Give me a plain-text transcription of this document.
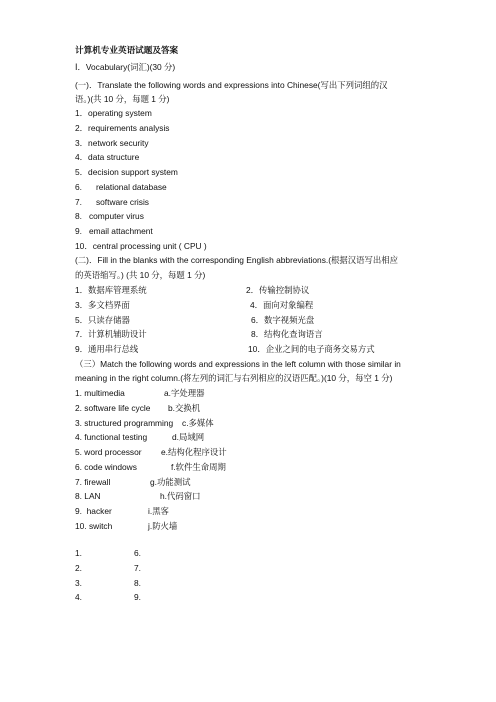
计算机专业英语试题及答案
Ⅰ．Vocabulary(词汇)(30 分)
(一)．Translate the following words and expressions into Chinese(写出下列词组的汉
语。)(共 10 分，每题 1 分)
1．operating system
2．requirements analysis
3．network security
4．data structure
5．decision support system
6.      relational database
7.      software crisis
8.   computer virus
9.   email attachment
10．central processing unit ( CPU )
(二)．Fill in the blanks with the corresponding English abbreviations.(根据汉语写出相应
的英语缩写。) (共 10 分，每题 1 分)
1．数据库管理系统	2．传输控制协议
3．多文档界面	4．面向对象编程
5．只读存储器	6．数字视频光盘
7．计算机辅助设计	8．结构化查询语言
9．通用串行总线	10．企业之间的电子商务交易方式
（三）Match the following words and expressions in the left column with those similar in
meaning in the right column.(将左列的词汇与右列相应的汉语匹配。)(10 分，每空 1 分)
1. multimedia	a.字处理器
2. software life cycle b.交换机
3. structured programming c.多媒体
4. functional testing	d.局域网
5. word processor e.结构化程序设计
6. code windows	f.软件生命周期
7. firewall	g.功能测试
8. LAN	h.代码窗口
9.  hacker	i.黑客
10. switch	j.防火墙
1.	6.
2.	7.
3.	8.
4.	9.
